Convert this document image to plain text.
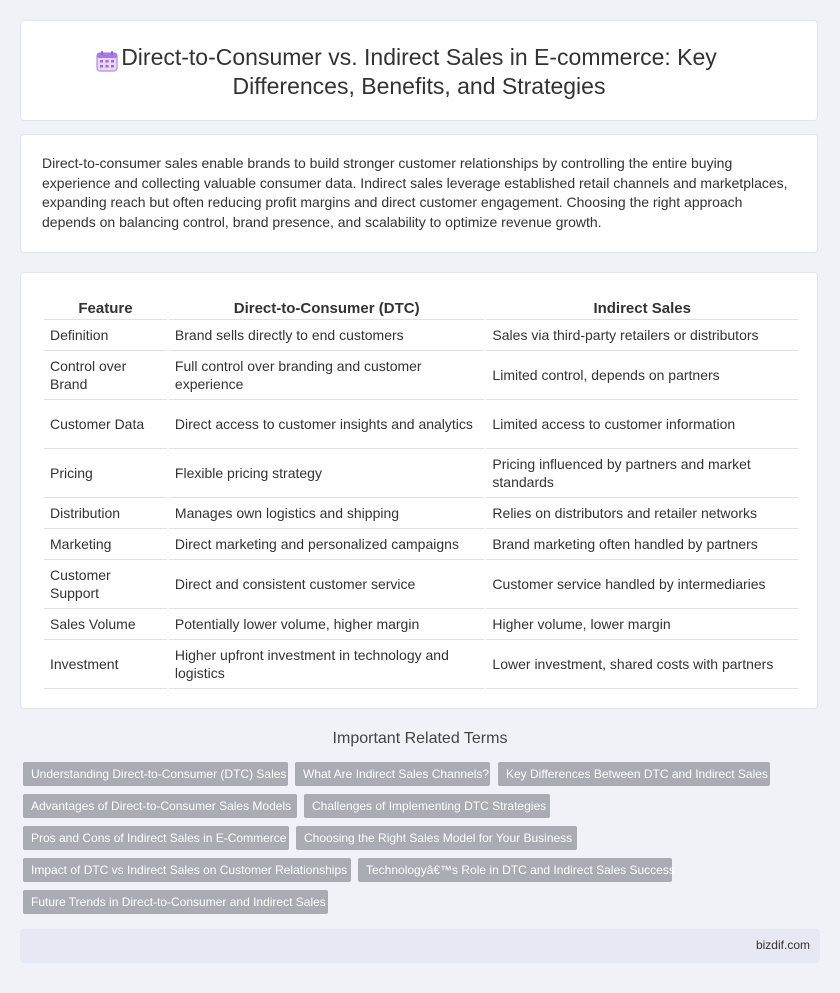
Direct-to-Consumer vs. Indirect Sales in E-commerce: Key Differences, Benefits, and Strategies

Direct-to-consumer sales enable brands to build stronger customer relationships by controlling the entire buying experience and collecting valuable consumer data. Indirect sales leverage established retail channels and marketplaces, expanding reach but often reducing profit margins and direct customer engagement. Choosing the right approach depends on balancing control, brand presence, and scalability to optimize revenue growth.

Feature	Direct-to-Consumer (DTC)	Indirect Sales
Definition	Brand sells directly to end customers	Sales via third-party retailers or distributors
Control over Brand	Full control over branding and customer experience	Limited control, depends on partners
Customer Data	Direct access to customer insights and analytics	Limited access to customer information
Pricing	Flexible pricing strategy	Pricing influenced by partners and market standards
Distribution	Manages own logistics and shipping	Relies on distributors and retailer networks
Marketing	Direct marketing and personalized campaigns	Brand marketing often handled by partners
Customer Support	Direct and consistent customer service	Customer service handled by intermediaries
Sales Volume	Potentially lower volume, higher margin	Higher volume, lower margin
Investment	Higher upfront investment in technology and logistics	Lower investment, shared costs with partners
Important Related Terms
Understanding Direct-to-Consumer (DTC) Sales	What Are Indirect Sales Channels?	Key Differences Between DTC and Indirect Sales
Advantages of Direct-to-Consumer Sales Models	Challenges of Implementing DTC Strategies
Pros and Cons of Indirect Sales in E-Commerce	Choosing the Right Sales Model for Your Business
Impact of DTC vs Indirect Sales on Customer Relationships	Technologyâ€™s Role in DTC and Indirect Sales Success
Future Trends in Direct-to-Consumer and Indirect Sales
bizdif.com
